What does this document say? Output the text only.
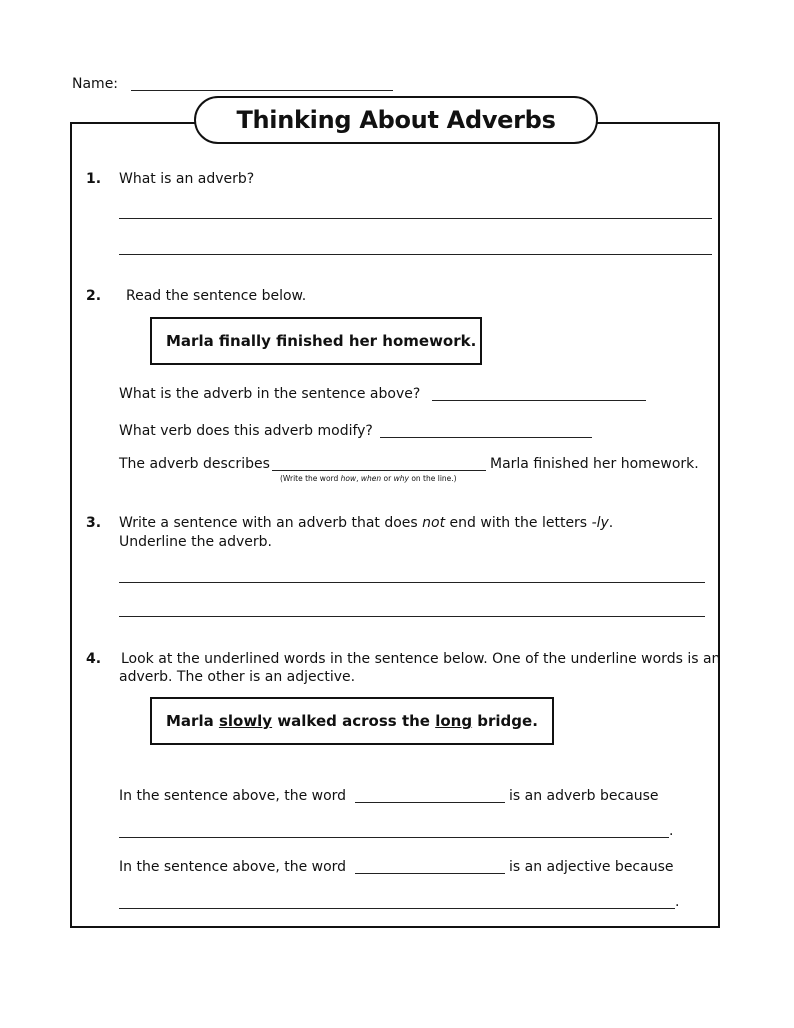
Name:
Thinking About Adverbs
1. What is an adverb?
2. Read the sentence below.
Marla finally finished her homework.
What is the adverb in the sentence above?
What verb does this adverb modify?
The adverb describes	Marla finished her homework.
(Write the word how, when or why on the line.)
3. Write a sentence with an adverb that does not end with the letters -ly.
Underline the adverb.
4. Look at the underlined words in the sentence below. One of the underline words is an
adverb. The other is an adjective.
Marla slowly walked across the long bridge.
In the sentence above, the word	is an adverb because
.
In the sentence above, the word	is an adjective because
.
